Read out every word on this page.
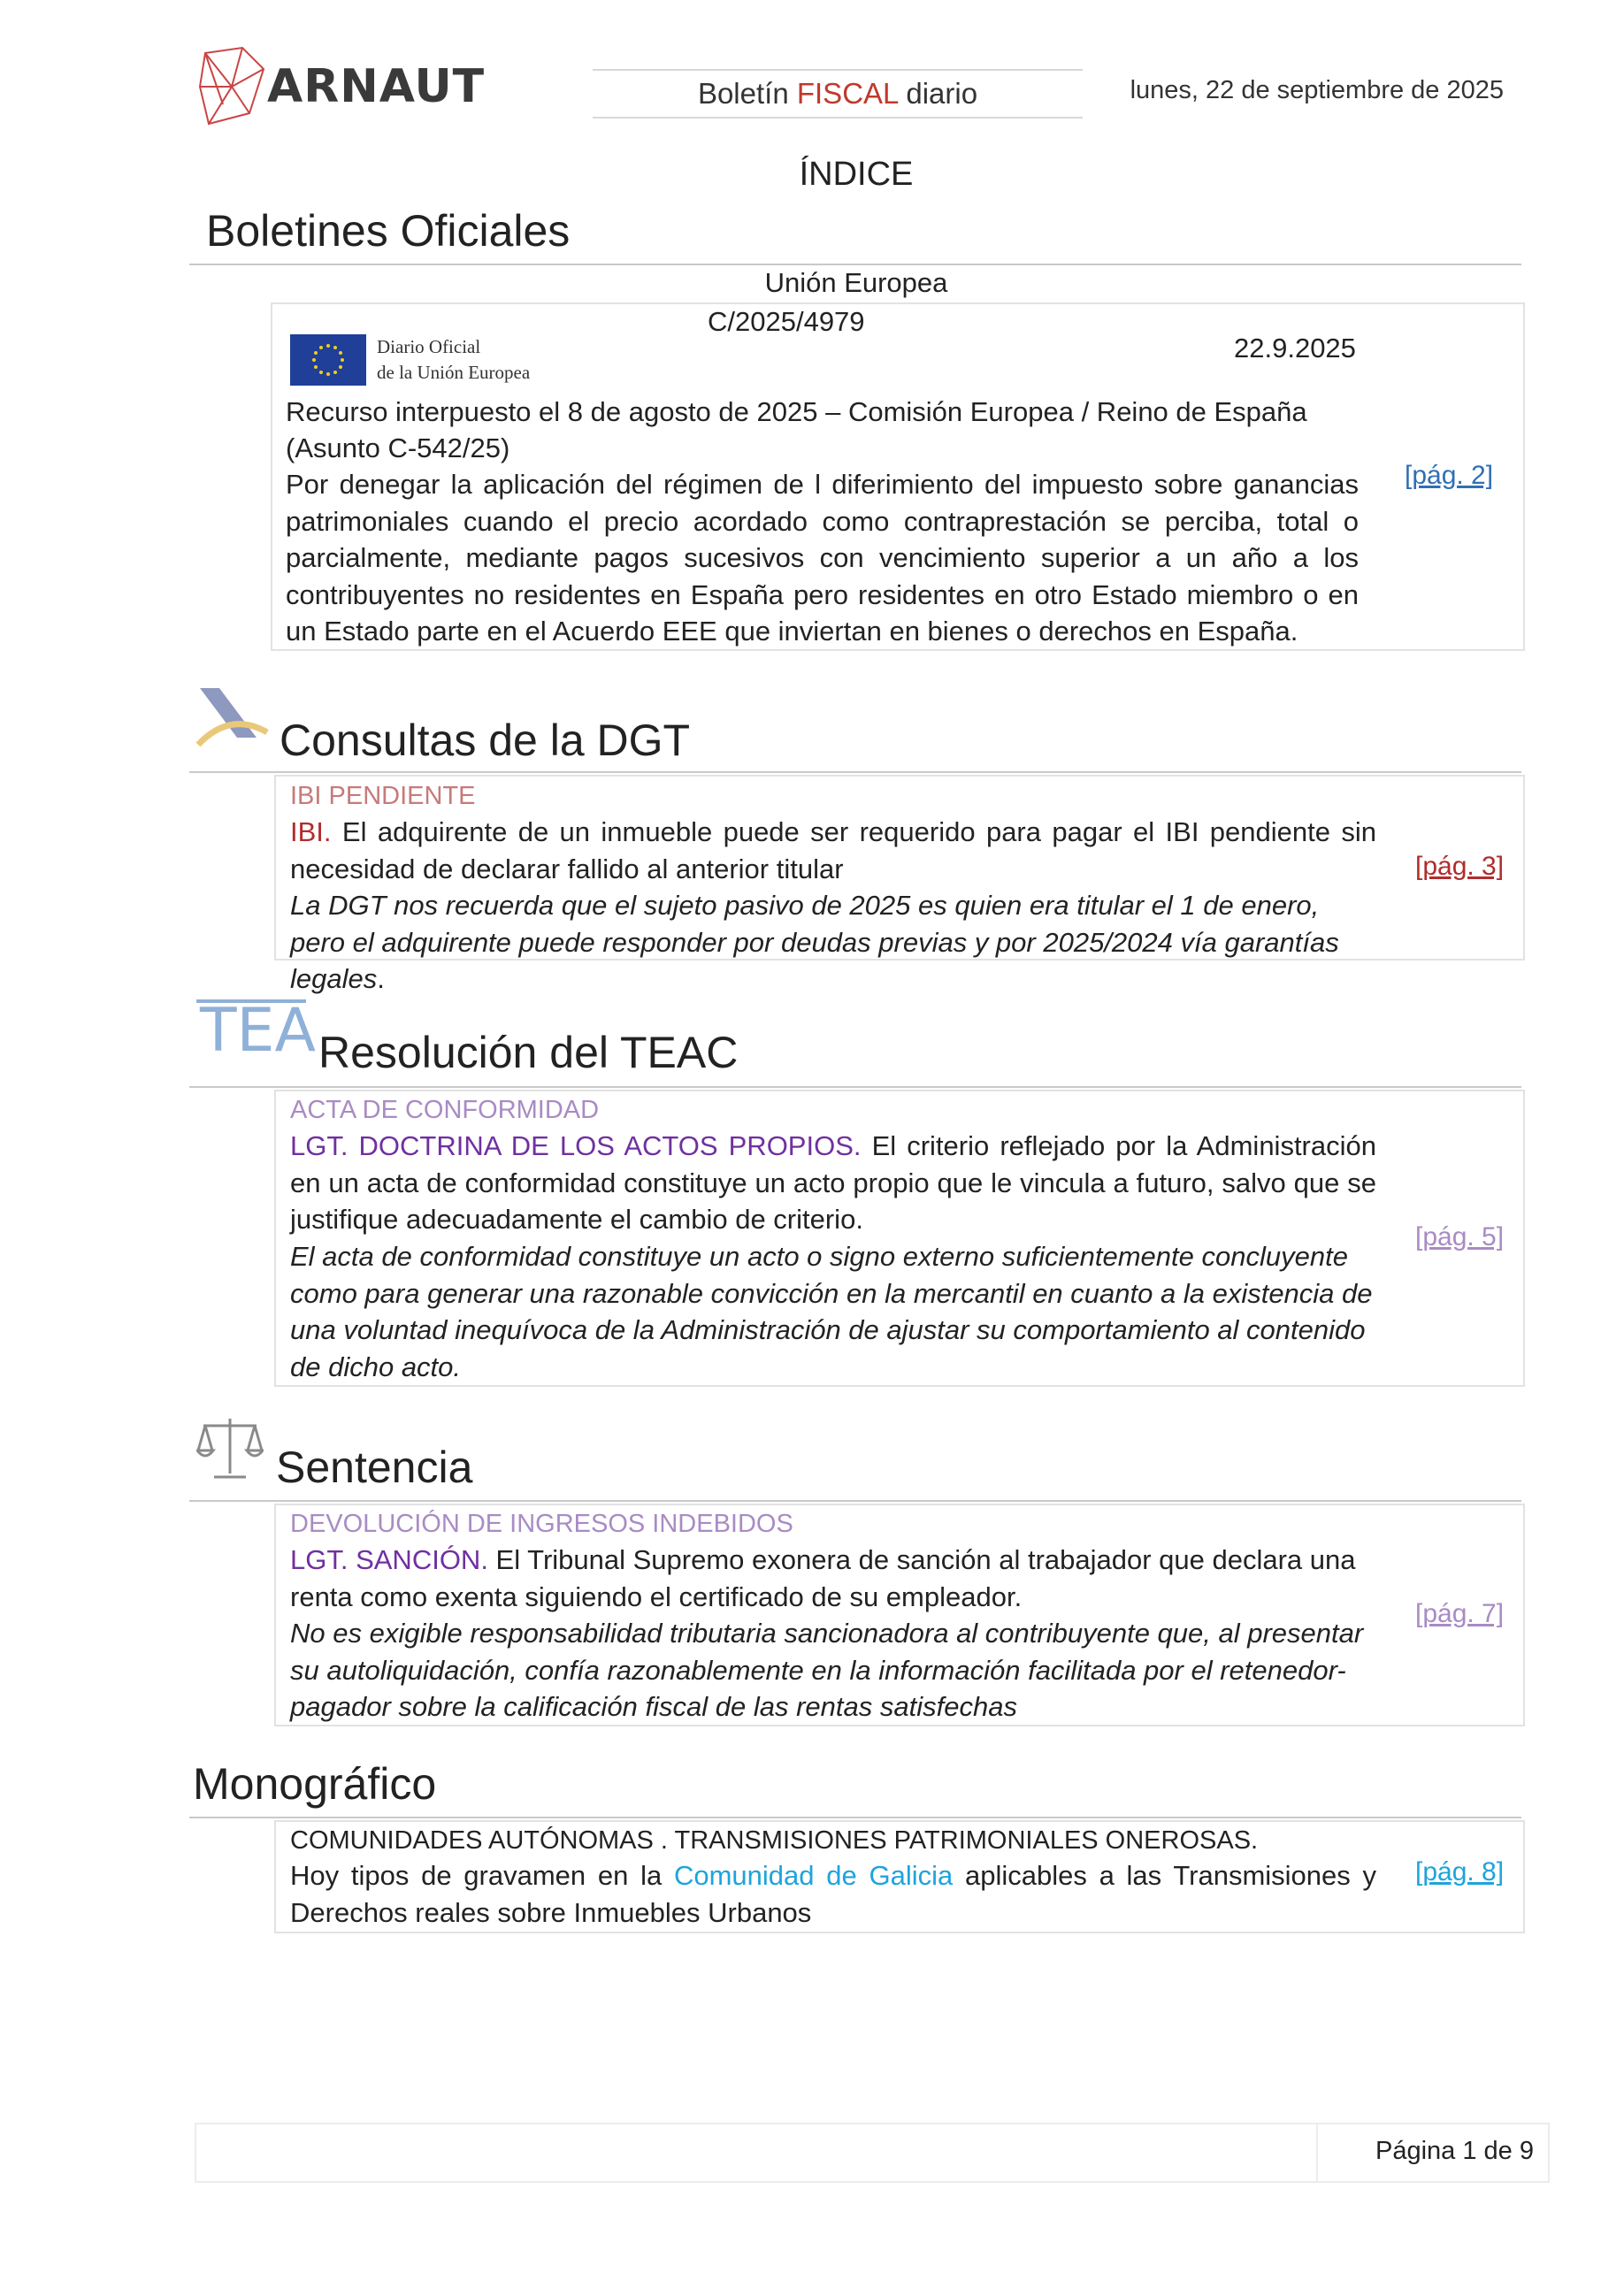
ARNAUT	Boletín FISCAL diario	lunes, 22 de septiembre de 2025
ÍNDICE
Boletines Oficiales
Unión Europea
C/2025/4979
22.9.2025
Diario Oficial
de la Unión Europea
Recurso interpuesto el 8 de agosto de 2025 – Comisión Europea / Reino de España
(Asunto C-542/25)
Por denegar la aplicación del régimen de l diferimiento del impuesto sobre ganancias patrimoniales cuando el precio acordado como contraprestación se perciba, total o parcialmente, mediante pagos sucesivos con vencimiento superior a un año a los contribuyentes no residentes en España pero residentes en otro Estado miembro o en un Estado parte en el Acuerdo EEE que inviertan en bienes o derechos en España.
[pág. 2]
Consultas de la DGT
IBI PENDIENTE
IBI. El adquirente de un inmueble puede ser requerido para pagar el IBI pendiente sin necesidad de declarar fallido al anterior titular
La DGT nos recuerda que el sujeto pasivo de 2025 es quien era titular el 1 de enero, pero el adquirente puede responder por deudas previas y por 2025/2024 vía garantías legales.
[pág. 3]
TEA Resolución del TEAC
ACTA DE CONFORMIDAD
LGT. DOCTRINA DE LOS ACTOS PROPIOS. El criterio reflejado por la Administración en un acta de conformidad constituye un acto propio que le vincula a futuro, salvo que se justifique adecuadamente el cambio de criterio.
El acta de conformidad constituye un acto o signo externo suficientemente concluyente como para generar una razonable convicción en la mercantil en cuanto a la existencia de una voluntad inequívoca de la Administración de ajustar su comportamiento al contenido de dicho acto.
[pág. 5]
Sentencia
DEVOLUCIÓN DE INGRESOS INDEBIDOS
LGT. SANCIÓN. El Tribunal Supremo exonera de sanción al trabajador que declara una renta como exenta siguiendo el certificado de su empleador.
No es exigible responsabilidad tributaria sancionadora al contribuyente que, al presentar su autoliquidación, confía razonablemente en la información facilitada por el retenedor-pagador sobre la calificación fiscal de las rentas satisfechas
[pág. 7]
Monográfico
COMUNIDADES AUTÓNOMAS . TRANSMISIONES PATRIMONIALES ONEROSAS.
Hoy tipos de gravamen en la Comunidad de Galicia aplicables a las Transmisiones y Derechos reales sobre Inmuebles Urbanos
[pág. 8]
Página 1 de 9
